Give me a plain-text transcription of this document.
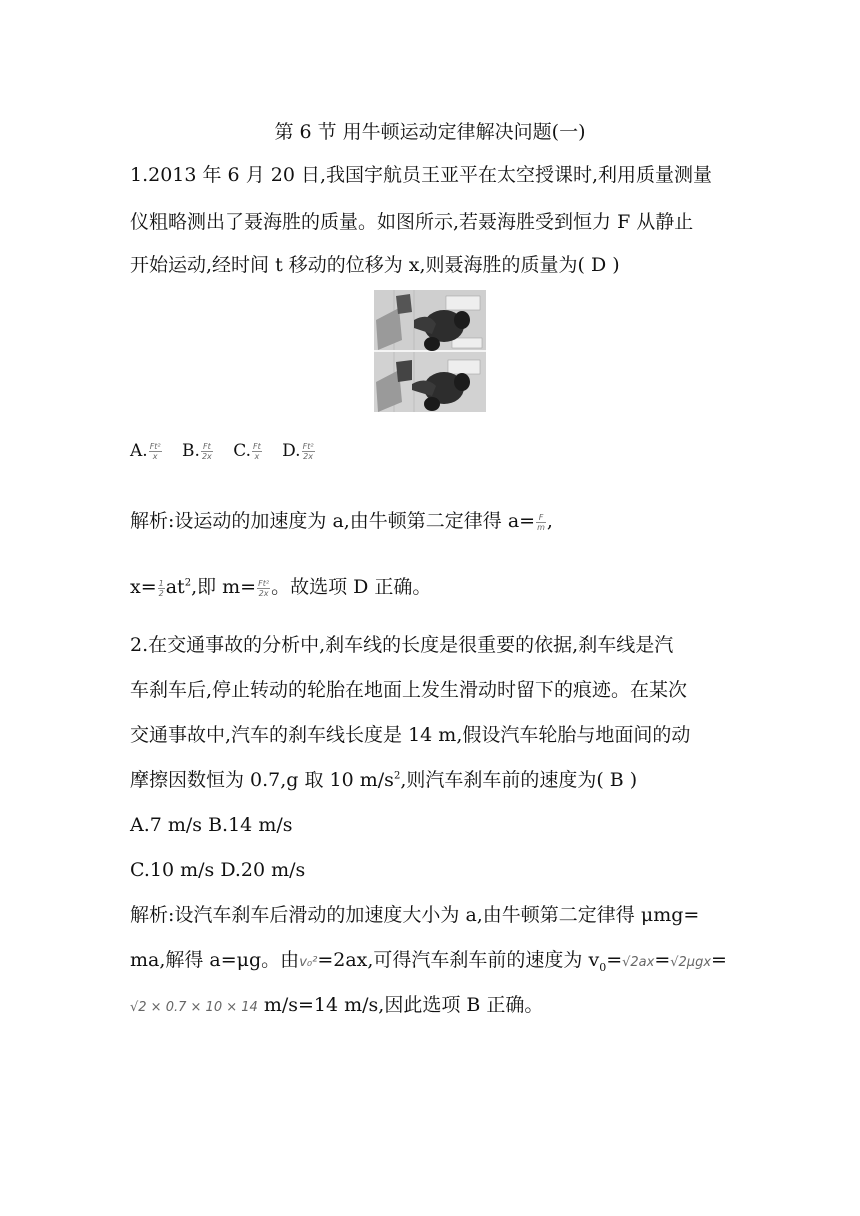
第 6 节 用牛顿运动定律解决问题(一)
1.2013 年 6 月 20 日,我国宇航员王亚平在太空授课时,利用质量测量
仪粗略测出了聂海胜的质量。如图所示,若聂海胜受到恒力 F 从静止
开始运动,经时间 t 移动的位移为 x,则聂海胜的质量为( D )
A. $\frac{\text{Ft²}}{x} B$. $\frac{Ft}{2x} C$. $\frac{Ft}{x} D$. $\frac{\text{Ft²}}{2x}$
解析:设运动的加速度为 a,由牛顿第二定律得 $a= \frac{F}{m}$ ,
$x= \frac{1}{2} at^2$,即 $m= \frac{\text{Ft²}}{2x}$ 。故选项 D 正确。
2.在交通事故的分析中,刹车线的长度是很重要的依据,刹车线是汽
车刹车后,停止转动的轮胎在地面上发生滑动时留下的痕迹。在某次
交通事故中,汽车的刹车线长度是 14 m,假设汽车轮胎与地面间的动
摩擦因数恒为 0.7,g 取 10 $m/s^2$,则汽车刹车前的速度为( B )
A.7 m/s B.14 m/s
C.10 m/s D.20 m/s
解析:设汽车刹车后滑动的加速度大小为 a,由牛顿第二定律得 μmg=
ma,解得 a=μg。由v₀²=2ax,可得汽车刹车前的速度为 $v_0=√2ax=√2\mu gx=$
√2 × 0.7 × 10 × 14 m/s=14 m/s,因此选项 B 正确。
